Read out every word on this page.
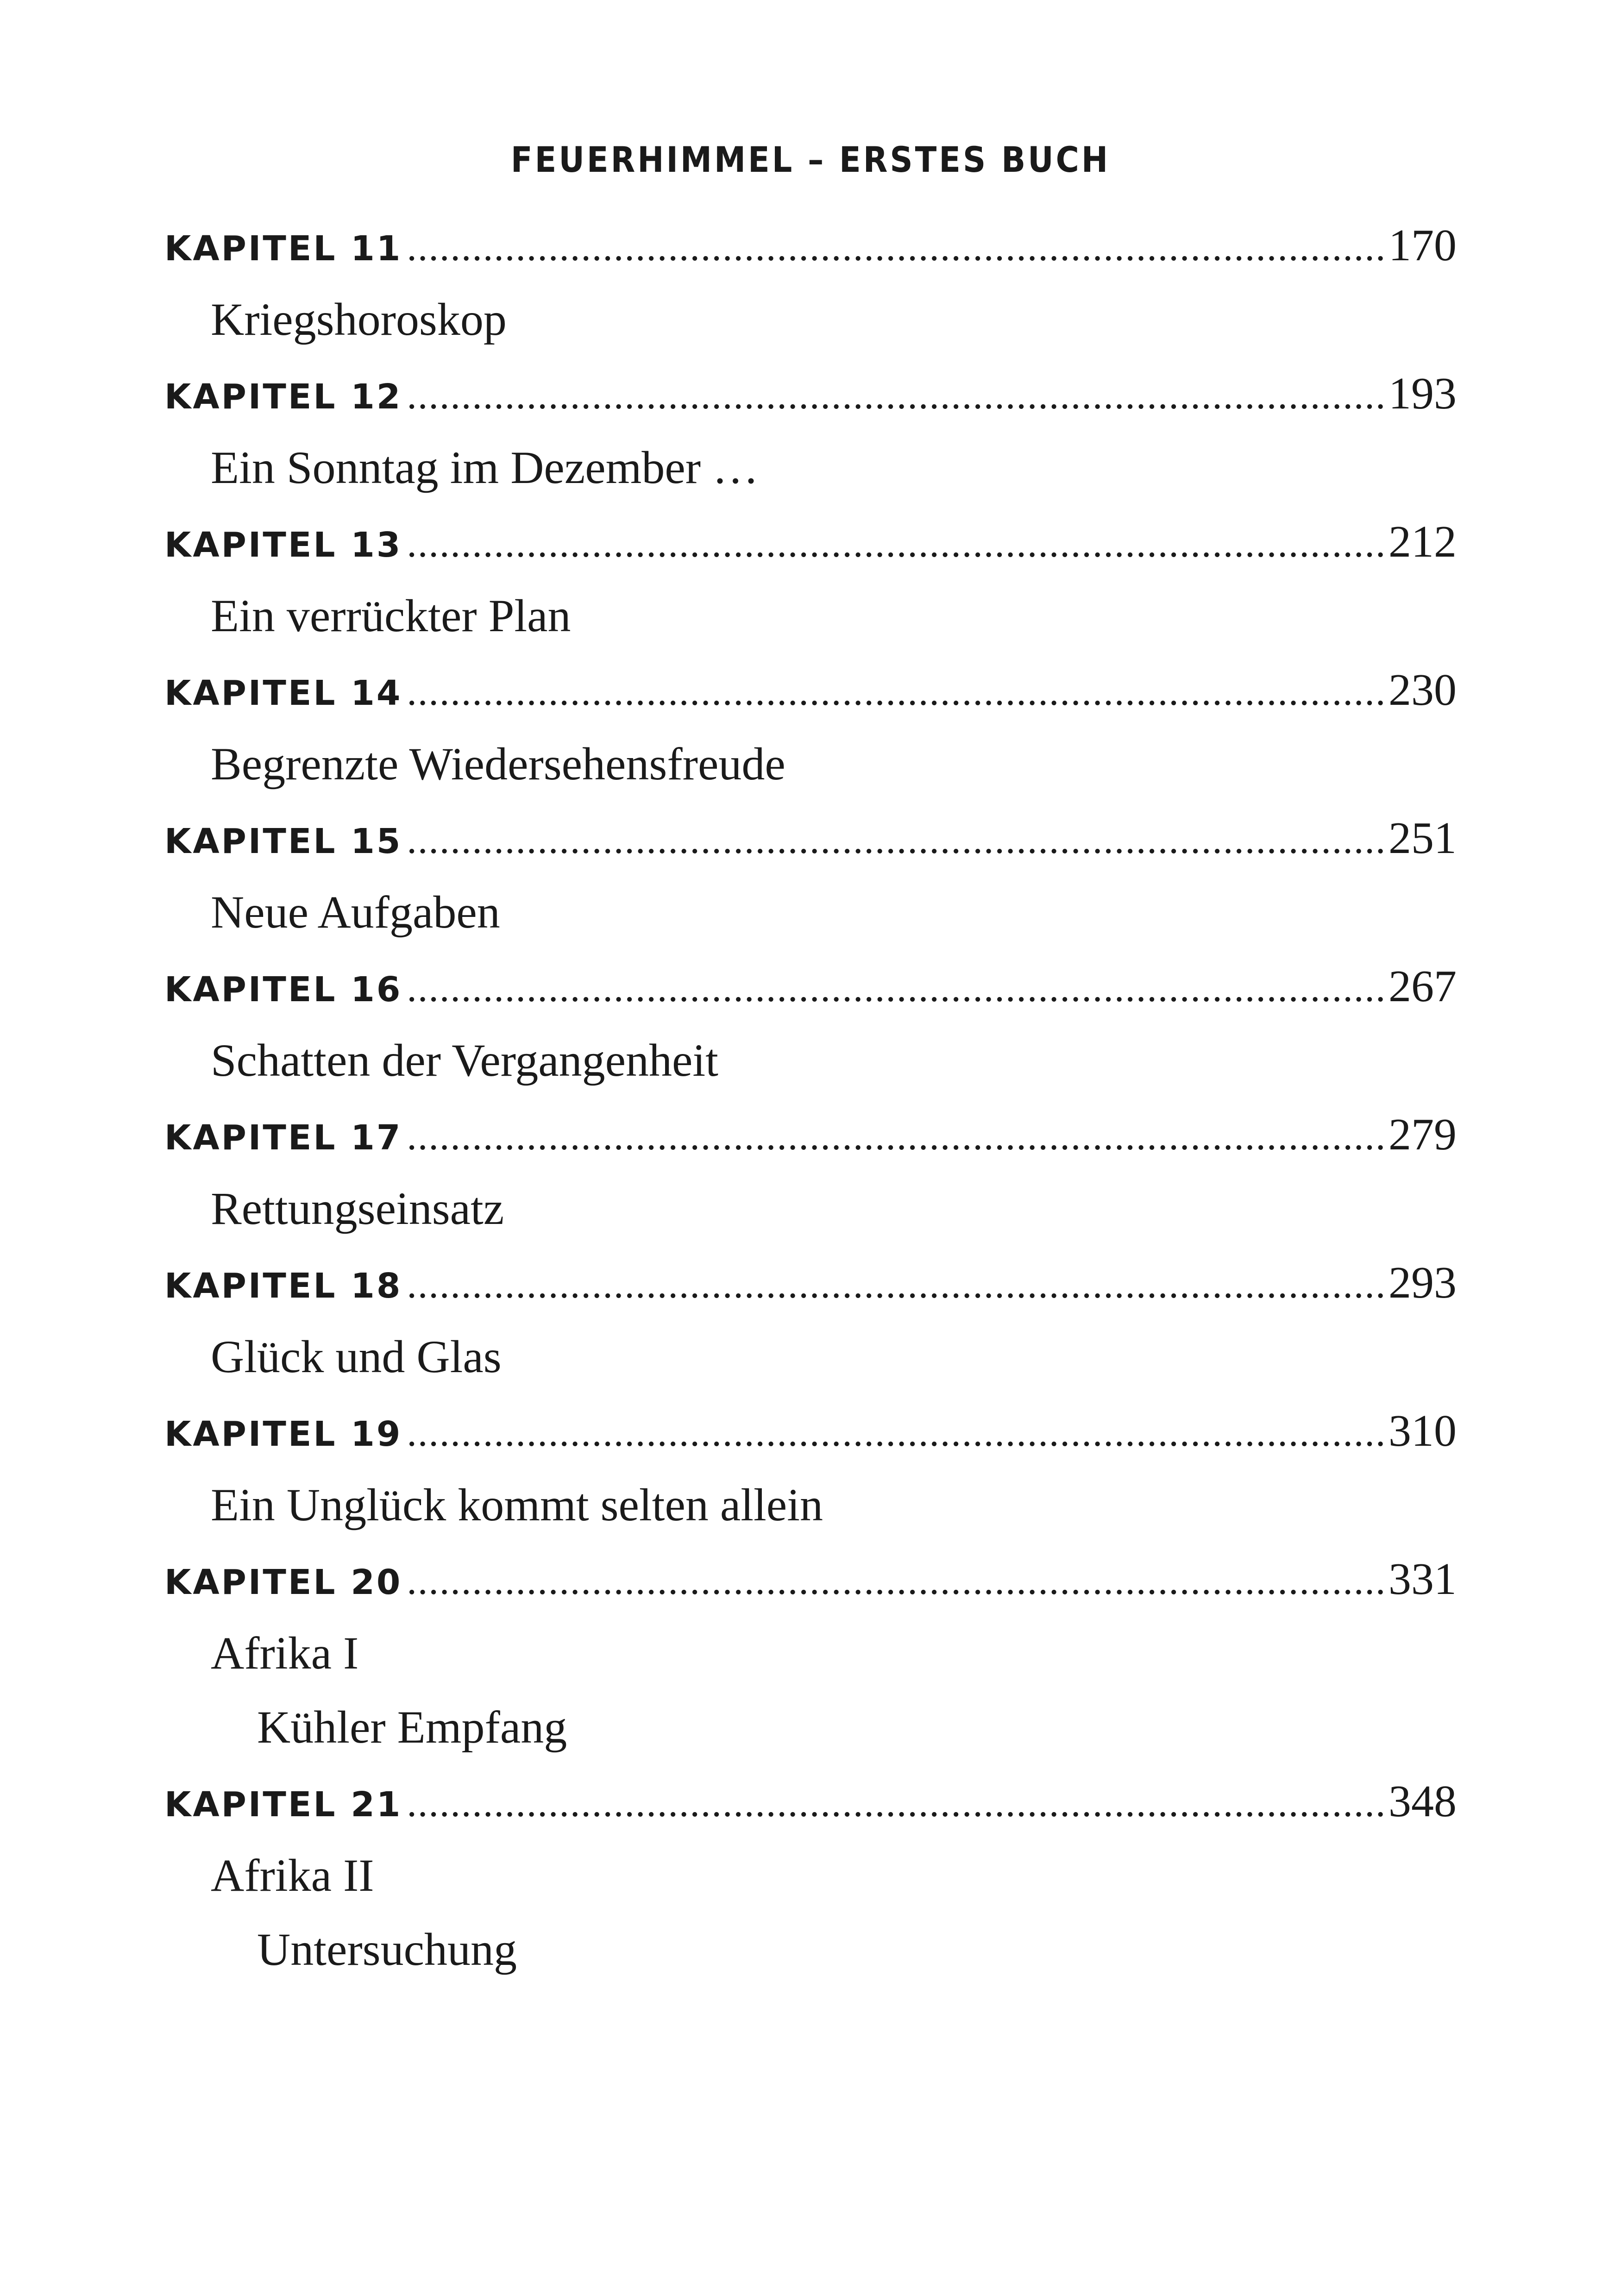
FEUERHIMMEL – ERSTES BUCH
KAPITEL 11 .....	170
Kriegshoroskop
KAPITEL 12 .....	193
Ein Sonntag im Dezember …
KAPITEL 13 .....	212
Ein verrückter Plan
KAPITEL 14 .....	230
Begrenzte Wiedersehensfreude
KAPITEL 15 .....	251
Neue Aufgaben
KAPITEL 16 .....	267
Schatten der Vergangenheit
KAPITEL 17 .....	279
Rettungseinsatz
KAPITEL 18 .....	293
Glück und Glas
KAPITEL 19 .....	310
Ein Unglück kommt selten allein
KAPITEL 20 .....	331
Afrika I
Kühler Empfang
KAPITEL 21 .....	348
Afrika II
Untersuchung
